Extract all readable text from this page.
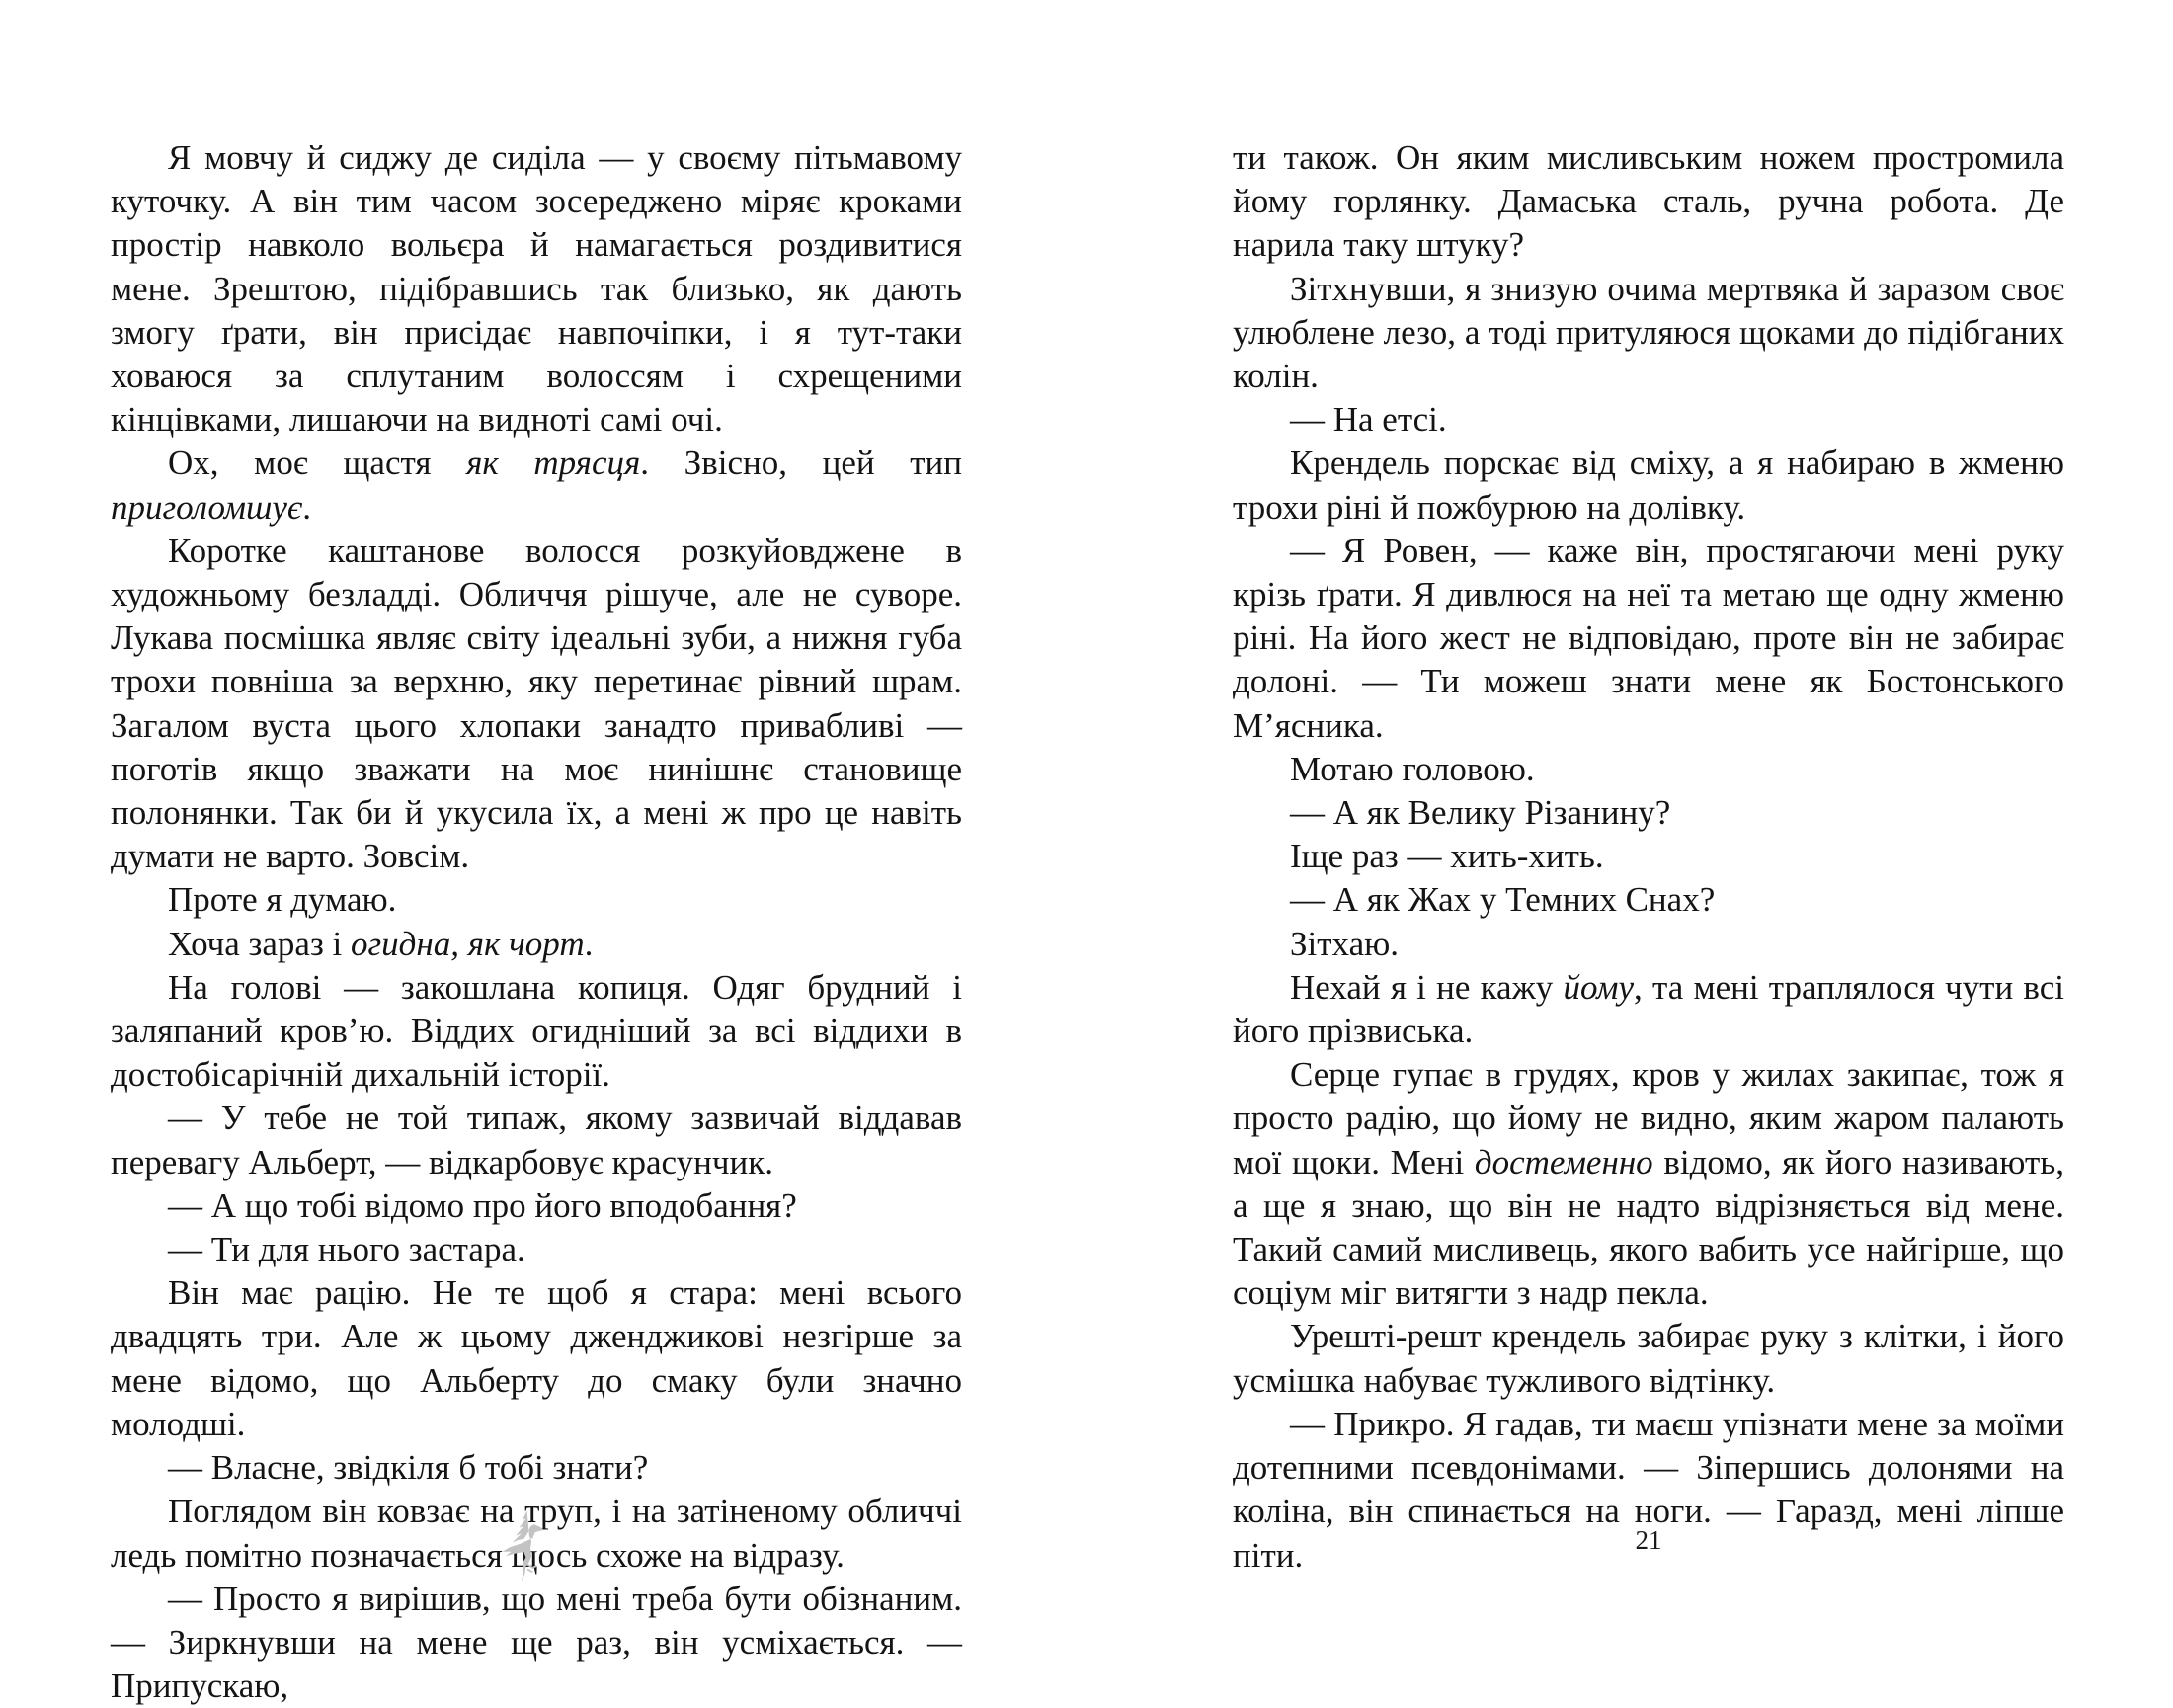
Я мовчу й сиджу де сиділа — у своєму пітьмавому куточку. А він тим часом зосереджено міряє кроками простір навколо вольєра й намагається роздивитися мене. Зрештою, підібравшись так близько, як дають змогу ґрати, він присідає навпочіпки, і я тут-таки ховаюся за сплутаним волоссям і схрещеними кінцівками, лишаючи на видноті самі очі.

Ох, моє щастя як трясця. Звісно, цей тип приголомшує.

Коротке каштанове волосся розкуйовджене в художньому безладді. Обличчя рішуче, але не суворе. Лукава посмішка являє світу ідеальні зуби, а нижня губа трохи повніша за верхню, яку перетинає рівний шрам. Загалом вуста цього хлопаки занадто привабливі — поготів якщо зважати на моє нинішнє становище полонянки. Так би й укусила їх, а мені ж про це навіть думати не варто. Зовсім.

Проте я думаю.

Хоча зараз і огидна, як чорт.

На голові — закошлана копиця. Одяг брудний і заляпаний кров’ю. Віддих огидніший за всі віддихи в достобісарічній дихальній історії.

— У тебе не той типаж, якому зазвичай віддавав перевагу Альберт, — відкарбовує красунчик.

— А що тобі відомо про його вподобання?

— Ти для нього застара.

Він має рацію. Не те щоб я стара: мені всього двадцять три. Але ж цьому дженджикові незгірше за мене відомо, що Альберту до смаку були значно молодші.

— Власне, звідкіля б тобі знати?

Поглядом він ковзає на труп, і на затіненому обличчі ледь помітно позначається щось схоже на відразу.

— Просто я вирішив, що мені треба бути обізнаним. — Зиркнувши на мене ще раз, він усміхається. — Припускаю,

ти також. Он яким мисливським ножем простромила йому горлянку. Дамаська сталь, ручна робота. Де нарила таку штуку?

Зітхнувши, я знизую очима мертвяка й заразом своє улюблене лезо, а тоді притуляюся щоками до підібганих колін.

— На етсі.

Крендель порскає від сміху, а я набираю в жменю трохи ріні й пожбурюю на долівку.

— Я Ровен, — каже він, простягаючи мені руку крізь ґрати. Я дивлюся на неї та метаю ще одну жменю ріні. На його жест не відповідаю, проте він не забирає долоні. — Ти можеш знати мене як Бостонського М’ясника.

Мотаю головою.

— А як Велику Різанину?

Іще раз — хить-хить.

— А як Жах у Темних Снах?

Зітхаю.

Нехай я і не кажу йому, та мені траплялося чути всі його прізвиська.

Серце гупає в грудях, кров у жилах закипає, тож я просто радію, що йому не видно, яким жаром палають мої щоки. Мені достеменно відомо, як його називають, а ще я знаю, що він не надто відрізняється від мене. Такий самий мисливець, якого вабить усе найгірше, що соціум міг витягти з надр пекла.

Урешті-решт крендель забирає руку з клітки, і його усмішка набуває тужливого відтінку.

— Прикро. Я гадав, ти маєш упізнати мене за моїми дотепними псевдонімами. — Зіпершись долонями на коліна, він спинається на ноги. — Гаразд, мені ліпше піти.	21
